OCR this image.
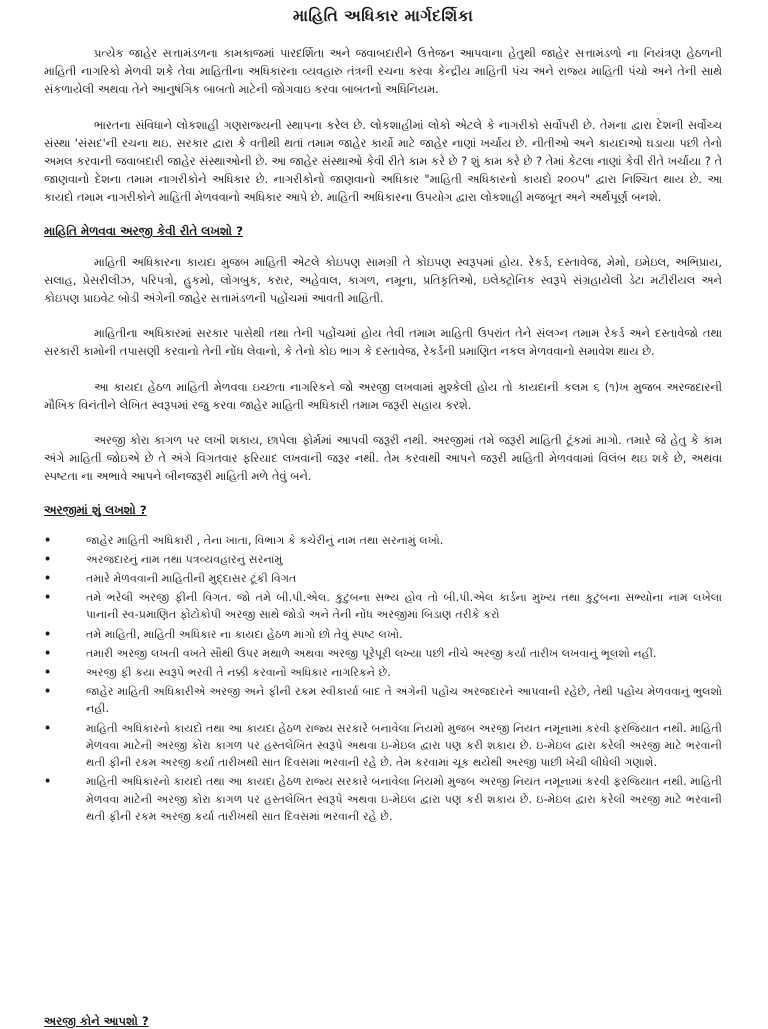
માહિતિ અધિકાર માર્ગદર્શિકા

પ્રત્યેક જાહેર સત્તામંડળના કામકાજમાં પારદર્શિતા અને જવાબદારીને ઉત્તેજન આપવાના હેતુથી જાહેર સત્તામંડળો ના નિયંત્રણ હેઠળની માહિતી નાગરિકો મેળવી શકે તેવા માહિતીના અધિકારના વ્યવહારુ તંત્રની રચના કરવા કેન્દ્રીય માહિતી પંચ અને રાજ્ય માહિતી પંચો અને તેની સાથે સંકળાયેલી અથવા તેને આનુષંગિક બાબતો માટેની જોગવાઇ કરવા બાબતનો અધિનિયમ.

ભારતના સંવિધાને લોકશાહી ગણરાજ્યની સ્થાપના કરેલ છે. લોકશાહીમાં લોકો એટલે કે નાગરીકો સર્વોપરી છે. તેમના દ્વારા દેશની સર્વોચ્ચ સંસ્થા 'સંસદ'ની રચના થઇ. સરકાર દ્વારા કે વતીથી થતાં તમામ જાહેર કાર્યો માટે જાહેર નાણાં ખર્ચાય છે. નીતીઓ અને કાયદાઓ ઘડાયા પછી તેનો અમલ કરવાની જવાબદારી જાહેર સંસ્થાઓની છે. આ જાહેર સંસ્થાઓ કેવી રીતે કામ કરે છે ? શું કામ કરે છે ? તેમાં કેટલા નાણાં કેવી રીતે ખર્ચાયા ? તે જાણવાનો દેશના તમામ નાગરીકોને અધિકાર છે. નાગરીકોનો જાણવાનો અધિકાર "માહિતી અધિકારનો કાયદો ૨૦૦૫" દ્વારા નિશ્ચિત થાય છે. આ કાયદો તમામ નાગરીકોને માહિતી મેળવવાનો અધિકાર આપે છે. માહિતી અધિકારના ઉપયોગ દ્વારા લોકશાહી મજબૂત અને અર્થપૂર્ણ બનશે.

માહિતિ મેળવવા અરજી કેવી રીતે લખશો ?

માહિતી અધિકારના કાયદા મુજબ માહિતી એટલે કોઇપણ સામગ્રી તે કોઇપણ સ્વરૂપમાં હોય. રેકર્ડ, દસ્તાવેજ, મેમો, ઇમેઇલ, અભિપ્રાય, સલાહ, પ્રેસરીલીઝ, પરિપત્રો, હુકમો, લોગબુક, કરાર, અહેવાલ, કાગળ, નમૂના, પ્રતિકૃતિઓ, ઇલેક્ટ્રોનિક સ્વરૂપે સંગ્રહાયેલી ડેટા મટીરીયલ અને કોઇપણ પ્રાઇવેટ બોડી અંગેની જાહેર સત્તામંડળની પહોંચમાં આવતી માહિતી.

માહિતીના અધિકારમાં સરકાર પાસેથી તથા તેની પહોંચમાં હોય તેવી તમામ માહિતી ઉપરાંત તેને સંલગ્ન તમામ રેકર્ડ અને દસ્તાવેજો તથા સરકારી કામોની તપાસણી કરવાનો તેની નોંધ લેવાનો, કે તેનો કોઇ ભાગ કે દસ્તાવેજ, રેકર્ડની પ્રમાણિત નકલ મેળવવાનો સમાવેશ થાય છે.

આ કાયદા હેઠળ માહિતી મેળવવા ઇચ્છતા નાગરિકને જો અરજી લખવામાં મુશ્કેલી હોય તો કાયદાની કલમ ૬ (૧)ખ મુજબ અરજદારની મૌખિક વિનંતીને લેખિત સ્વરૂપમાં રજુ કરવા જાહેર માહિતી અધિકારી તમામ જરૂરી સહાય કરશે.

અરજી કોરા કાગળ પર લખી શકાય, છાપેલા ફોર્મમાં આપવી જરૂરી નથી. અરજીમાં તમે જરૂરી માહિતી ટૂંકમાં માગો. તમારે જે હેતુ કે કામ અંગે માહિતી જોઇએ છે તે અંગે વિગતવાર ફરિયાદ લખવાની જરૂર નથી. તેમ કરવાથી આપને જરૂરી માહિતી મેળવવામાં વિલંબ થઇ શકે છે, અથવા સ્પષ્ટતા ના અભાવે આપને બીનજરૂરી માહિતી મળે તેવું બને.

અરજીમાં શું લખશો ?
•	જાહેર માહિતી અધિકારી , તેના ખાતા, વિભાગ કે કચેરીનું નામ તથા સરનામું લખો.
•	અરજદારનું નામ તથા પત્રવ્યવહારનું સરનામું
•	તમારે મેળવવાની માહિતીની મુદ્દાસર ટૂંકી વિગત
•	તમે ભરેલી અરજી ફીની વિગત. જો તમે બી.પી.એલ. કુટુંબના સભ્ય હોવ તો બી.પી.એલ કાર્ડના મુખ્ય તથા કુટુંબના સભ્યોના નામ લખેલા પાનાની સ્વ-પ્રમાણિત ફોટોકોપી અરજી સાથે જોડો અને તેની નોંધ અરજીમાં બિડાણ તરીકે કરો
•	તમે માહિતી, માહિતી અધિકાર ના કાયદા હેઠળ માંગો છો તેવું સ્પષ્ટ લખો.
•	તમારી અરજી લખતી વખતે સૌથી ઉપર મથાળે અથવા અરજી પૂરેપૂરી લખ્યા પછી નીચે અરજી કર્યા તારીખ લખવાનું ભૂલશો નહીં.
•	અરજી ફી કયા સ્વરૂપે ભરવી તે નક્કી કરવાનો અધિકાર નાગરિકને છે.
•	જાહેર માહિતી અધિકારીએ અરજી અને ફીની રકમ સ્વીકાર્યા બાદ તે અંગેની પહોંચ અરજદારને આપવાની રહેછે, તેથી પહોંચ મેળવવાનું ભુલશો નહી.
•	માહિતી અધિકારનો કાયદો તથા આ કાયદા હેઠળ રાજ્ય સરકારે બનાવેલા નિયમો મુજબ અરજી નિયત નમૂનામાં કરવી ફરજિયાત નથી. માહિતી મેળવવા માટેની અરજી કોરા કાગળ પર હસ્તલેખિત સ્વરૂપે અથવા ઇ-મેઇલ દ્વારા પણ કરી શકાય છે. ઇ-મેઇલ દ્વારા કરેલી અરજી માટે ભરવાની થતી ફીની રકમ અરજી કર્યા તારીખથી સાત દિવસમાં ભરવાની રહે છે. તેમ કરવામાં ચૂક થયેથી અરજી પાછી ખેંચી લીધેલી ગણાશે.
•	માહિતી અધિકારનો કાયદો તથા આ કાયદા હેઠળ રાજ્ય સરકારે બનાવેલા નિયમો મુજબ અરજી નિયત નમૂનામાં કરવી ફરજિયાત નથી. માહિતી મેળવવા માટેની અરજી કોરા કાગળ પર હસ્તલેખિત સ્વરૂપે અથવા ઇ-મેઇલ દ્વારા પણ કરી શકાય છે. ઇ-મેઇલ દ્વારા કરેલી અરજી માટે ભરવાની થતી ફીની રકમ અરજી કર્યા તારીખથી સાત દિવસમાં ભરવાની રહે છે.
અરજી કોને આપશો ?
